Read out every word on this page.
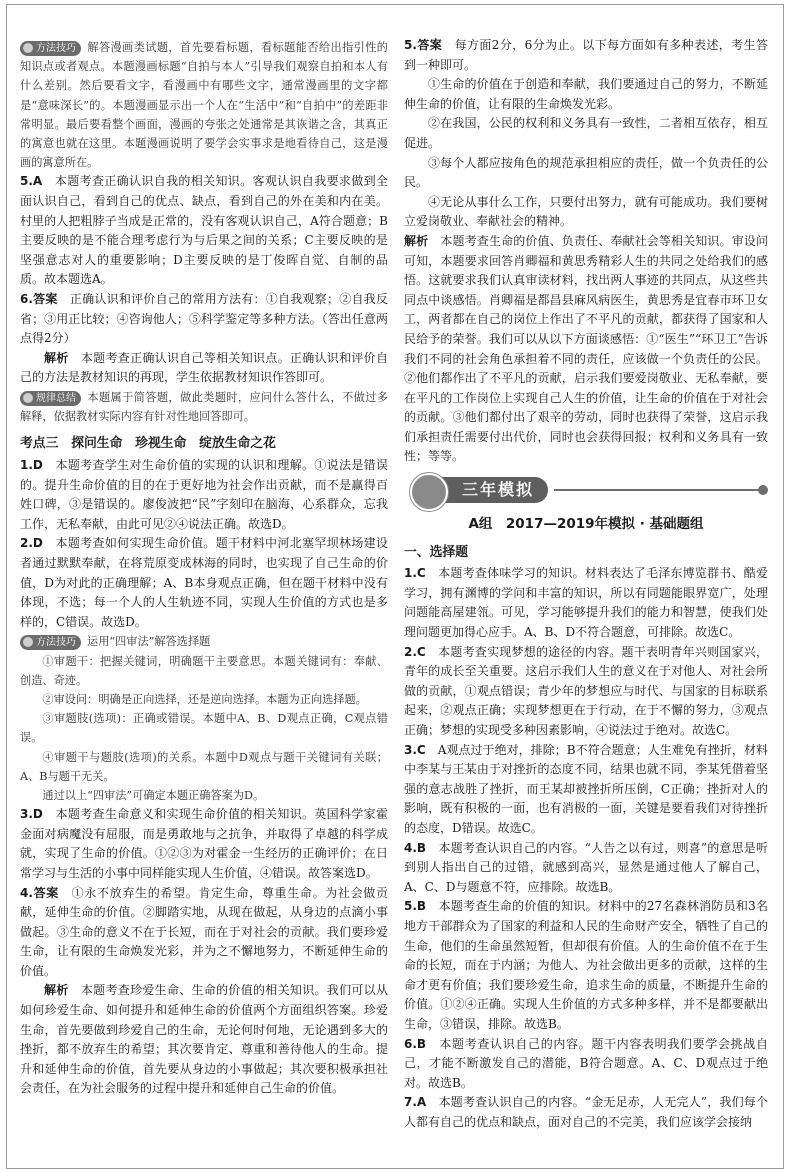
方法技巧 解答漫画类试题，首先要看标题，看标题能否给出指引性的知识点或者观点。本题漫画标题“自拍与本人”引导我们观察自拍和本人有什么差别。然后要看文字，看漫画中有哪些文字，通常漫画里的文字都是“意味深长”的。本题漫画显示出一个人在“生活中”和“自拍中”的差距非常明显。最后要看整个画面，漫画的夸张之处通常是其诙谐之含，其真正的寓意也就在这里。本题漫画说明了要学会实事求是地看待自己，这是漫画的寓意所在。

5.A　 本题考查正确认识自我的相关知识。客观认识自我要求做到全面认识自己，看到自己的优点、缺点，看到自己的外在美和内在美。村里的人把粗脖子当成是正常的，没有客观认识自己，A符合题意；B主要反映的是不能合理考虑行为与后果之间的关系；C主要反映的是坚强意志对人的重要影响；D主要反映的是丁俊晖自觉、自制的品质。故本题选A。

6.答案　 正确认识和评价自己的常用方法有：①自我观察；②自我反省；③用正比较；④咨询他人；⑤科学鉴定等多种方法。（答出任意两点得2分）

解析　 本题考查正确认识自己等相关知识点。正确认识和评价自己的方法是教材知识的再现，学生依据教材知识作答即可。

规律总结 本题属于简答题，做此类题时，应问什么答什么，不做过多解释，依据教材实际内容有针对性地回答即可。

考点三　探问生命　珍视生命　绽放生命之花

1.D　 本题考查学生对生命价值的实现的认识和理解。①说法是错误的。提升生命价值的目的在于更好地为社会作出贡献，而不是赢得百姓口碑，③是错误的。廖俊波把“民”字刻印在脑海，心系群众，忘我工作，无私奉献，由此可见②④说法正确。故选D。

2.D　 本题考查如何实现生命价值。题干材料中河北塞罕坝林场建设者通过默默奉献，在将荒原变成林海的同时，也实现了自己生命的价值，D为对此的正确理解；A、B本身观点正确，但在题干材料中没有体现，不选；每一个人的人生轨迹不同，实现人生价值的方式也是多样的，C错误。故选D。

方法技巧 运用“四审法”解答选择题

①审题干：把握关键词，明确题干主要意思。本题关键词有：奉献、创造、奇迹。

②审设问：明确是正向选择，还是逆向选择。本题为正向选择题。

③审题肢(选项)：正确或错误。本题中A、B、D观点正确，C观点错误。

④审题干与题肢(选项)的关系。本题中D观点与题干关键词有关联；A、B与题干无关。

通过以上“四审法”可确定本题正确答案为D。

3.D　 本题考查生命意义和实现生命价值的相关知识。英国科学家霍金面对病魔没有屈服，而是勇敢地与之抗争，并取得了卓越的科学成就，实现了生命的价值。①②③为对霍金一生经历的正确评价；在日常学习与生活的小事中同样能实现人生价值，④错误。故答案选D。

4.答案　 ①永不放弃生的希望。肯定生命，尊重生命。为社会做贡献，延伸生命的价值。②脚踏实地，从现在做起，从身边的点滴小事做起。③生命的意义不在于长短，而在于对社会的贡献。我们要珍爱生命，让有限的生命焕发光彩，并为之不懈地努力，不断延伸生命的价值。

解析　 本题考查珍爱生命、生命的价值的相关知识。我们可以从如何珍爱生命、如何提升和延伸生命的价值两个方面组织答案。珍爱生命，首先要做到珍爱自己的生命，无论何时何地，无论遇到多大的挫折，都不放弃生的希望；其次要肯定、尊重和善待他人的生命。提升和延伸生命的价值，首先要从身边的小事做起；其次要积极承担社会责任，在为社会服务的过程中提升和延伸自己生命的价值。

5.答案　 每方面2分，6分为止。以下每方面如有多种表述，考生答到一种即可。

①生命的价值在于创造和奉献，我们要通过自己的努力，不断延伸生命的价值，让有限的生命焕发光彩。

②在我国，公民的权利和义务具有一致性，二者相互依存，相互促进。

③每个人都应按角色的规范承担相应的责任，做一个负责任的公民。

④无论从事什么工作，只要付出努力，就有可能成功。我们要树立爱岗敬业、奉献社会的精神。

解析　 本题考查生命的价值、负责任、奉献社会等相关知识。审设问可知，本题要求回答肖卿福和黄思秀精彩人生的共同之处给我们的感悟。这就要求我们认真审读材料，找出两人事迹的共同点，从这些共同点中谈感悟。肖卿福是都昌县麻风病医生，黄思秀是宜春市环卫女工，两者都在自己的岗位上作出了不平凡的贡献，都获得了国家和人民给予的荣誉。我们可以从以下方面谈感悟：①“医生”“环卫工”告诉我们不同的社会角色承担着不同的责任，应该做一个负责任的公民。②他们都作出了不平凡的贡献，启示我们要爱岗敬业、无私奉献，要在平凡的工作岗位上实现自己人生的价值，让生命的价值在于对社会的贡献。③他们都付出了艰辛的劳动，同时也获得了荣誉，这启示我们承担责任需要付出代价，同时也会获得回报；权利和义务具有一致性；等等。

三年模拟
A组　2017—2019年模拟 · 基础题组
一、选择题

1.C　 本题考查体味学习的知识。材料表达了毛泽东博览群书、酷爱学习，拥有渊博的学问和丰富的知识，所以有同题能眼界宽广，处理问题能高屋建瓴。可见，学习能够提升我们的能力和智慧，使我们处理问题更加得心应手。A、B、D不符合题意，可排除。故选C。

2.C　 本题考查实现梦想的途径的内容。题干表明青年兴则国家兴，青年的成长至关重要。这启示我们人生的意义在于对他人、对社会所做的贡献，①观点错误；青少年的梦想应与时代、与国家的目标联系起来，②观点正确；实现梦想更在于行动，在于不懈的努力，③观点正确；梦想的实现受多种因素影响，④说法过于绝对。故选C。

3.C　 A观点过于绝对，排除；B不符合题意；人生难免有挫折，材料中李某与王某由于对挫折的态度不同，结果也就不同，李某凭借着坚强的意志战胜了挫折，而王某却被挫折所压倒，C正确；挫折对人的影响，既有积极的一面，也有消极的一面，关键是要看我们对待挫折的态度，D错误。故选C。

4.B　 本题考查认识自己的内容。“人告之以有过，则喜”的意思是听到别人指出自己的过错，就感到高兴，显然是通过他人了解自己，A、C、D与题意不符，应排除。故选B。

5.B　 本题考查生命的价值的知识。材料中的27名森林消防员和3名地方干部群众为了国家的利益和人民的生命财产安全，牺牲了自己的生命，他们的生命虽然短暂，但却很有价值。人的生命价值不在于生命的长短，而在于内涵；为他人、为社会做出更多的贡献，这样的生命才更有价值；我们要珍爱生命，追求生命的质量，不断提升生命的价值。①②④正确。实现人生价值的方式多种多样，并不是都要献出生命，③错误，排除。故选B。

6.B　 本题考查认识自己的内容。题干内容表明我们要学会挑战自己，才能不断激发自己的潜能，B符合题意。A、C、D观点过于绝对。故选B。

7.A　 本题考查认识自己的内容。“金无足赤，人无完人”，我们每个人都有自己的优点和缺点，面对自己的不完美，我们应该学会接纳
